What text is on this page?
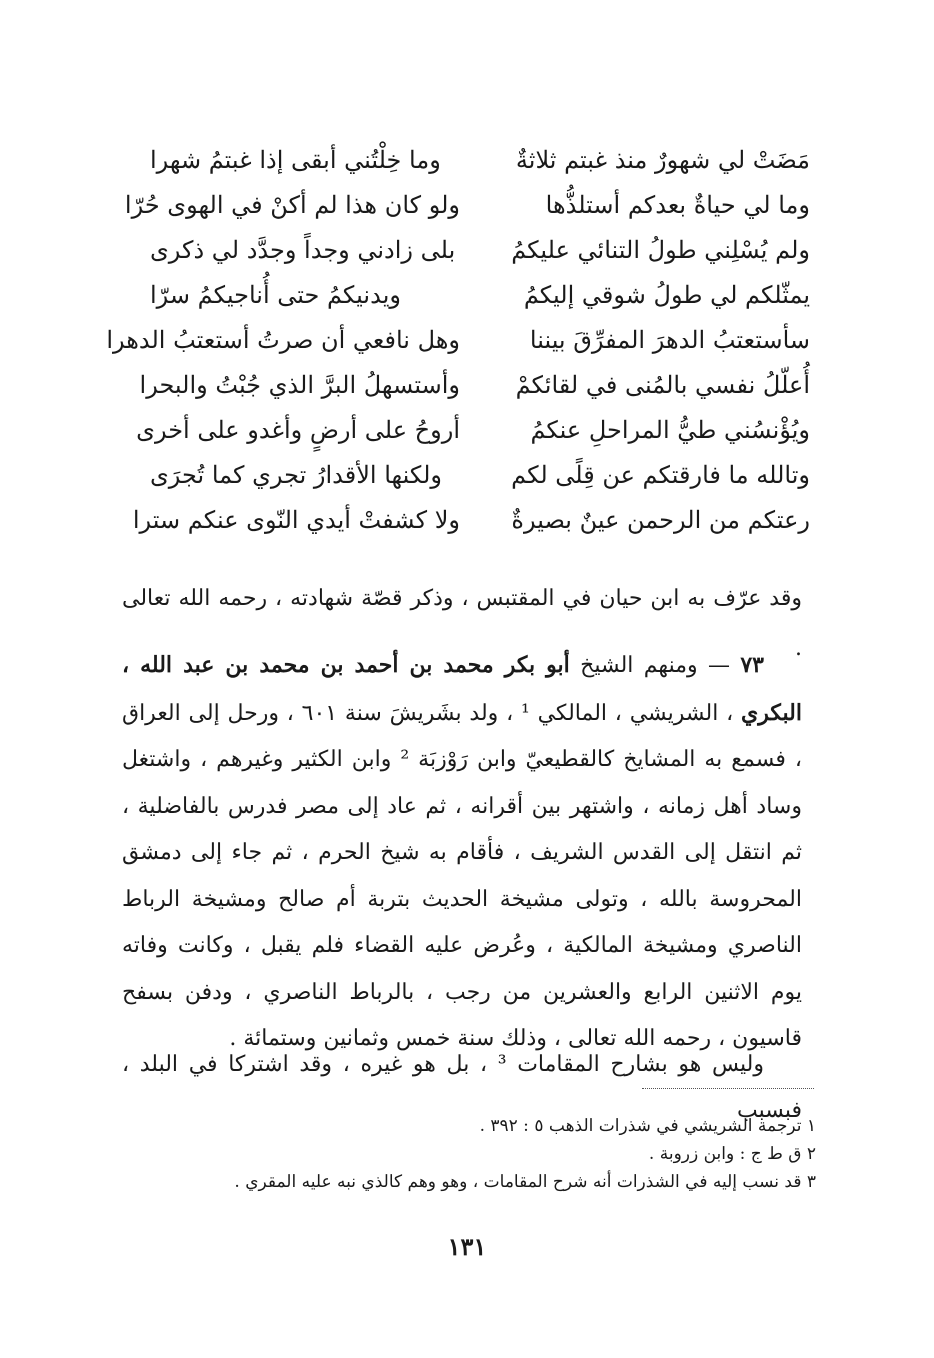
مَضَتْ لي شهورٌ منذ غبتم ثلاثةٌ
وما خِلْتُني أبقى إذا غبتمُ شهرا
وما لي حياةٌ بعدكم أستلذُّها
ولو كان هذا لم أكنْ في الهوى حُرّا
ولم يُسْلِني طولُ التنائي عليكمُ
بلى زادني وجداً وجدَّد لي ذكرى
يمثّلكم لي طولُ شوقي إليكمُ
ويدنيكمُ حتى أُناجيكمُ سرّا
سأستعتبُ الدهرَ المفرِّقَ بيننا
وهل نافعي أن صرتُ أستعتبُ الدهرا
أُعلّلُ نفسي بالمُنى في لقائكمْ
وأستسهلُ البرَّ الذي جُبْتُ والبحرا
ويُؤْنسُني طيُّ المراحلِ عنكمُ
أروحُ على أرضٍ وأغدو على أخرى
وتالله ما فارقتكم عن قِلًى لكم
ولكنها الأقدارُ تجري كما تُجرَى
رعتكم من الرحمن عينٌ بصيرةٌ
ولا كشفتْ أيدي النّوى عنكم سترا

وقد عرّف به ابن حيان في المقتبس ، وذكر قصّة شهادته ، رحمه الله تعالى .

٧٣ — ومنهم الشيخ أبو بكر محمد بن أحمد بن محمد بن عبد الله ، البكري ، الشريشي ، المالكي ¹ ، ولد بشَريشَ سنة ٦٠١ ، ورحل إلى العراق ، فسمع به المشايخ كالقطيعيّ وابن رَوْزبَة ² وابن الكثير وغيرهم ، واشتغل وساد أهل زمانه ، واشتهر بين أقرانه ، ثم عاد إلى مصر فدرس بالفاضلية ، ثم انتقل إلى القدس الشريف ، فأقام به شيخ الحرم ، ثم جاء إلى دمشق المحروسة بالله ، وتولى مشيخة الحديث بتربة أم صالح ومشيخة الرباط الناصري ومشيخة المالكية ، وعُرض عليه القضاء فلم يقبل ، وكانت وفاته يوم الاثنين الرابع والعشرين من رجب ، بالرباط الناصري ، ودفن بسفح قاسيون ، رحمه الله تعالى ، وذلك سنة خمس وثمانين وستمائة .

وليس هو بشارح المقامات ³ ، بل هو غيره ، وقد اشتركا في البلد ، فبسبب

١ ترجمة الشريشي في شذرات الذهب ٥ : ٣٩٢ .
٢ ق ط ج : وابن زروبة .
٣ قد نسب إليه في الشذرات أنه شرح المقامات ، وهو وهم كالذي نبه عليه المقري .
١٣١
